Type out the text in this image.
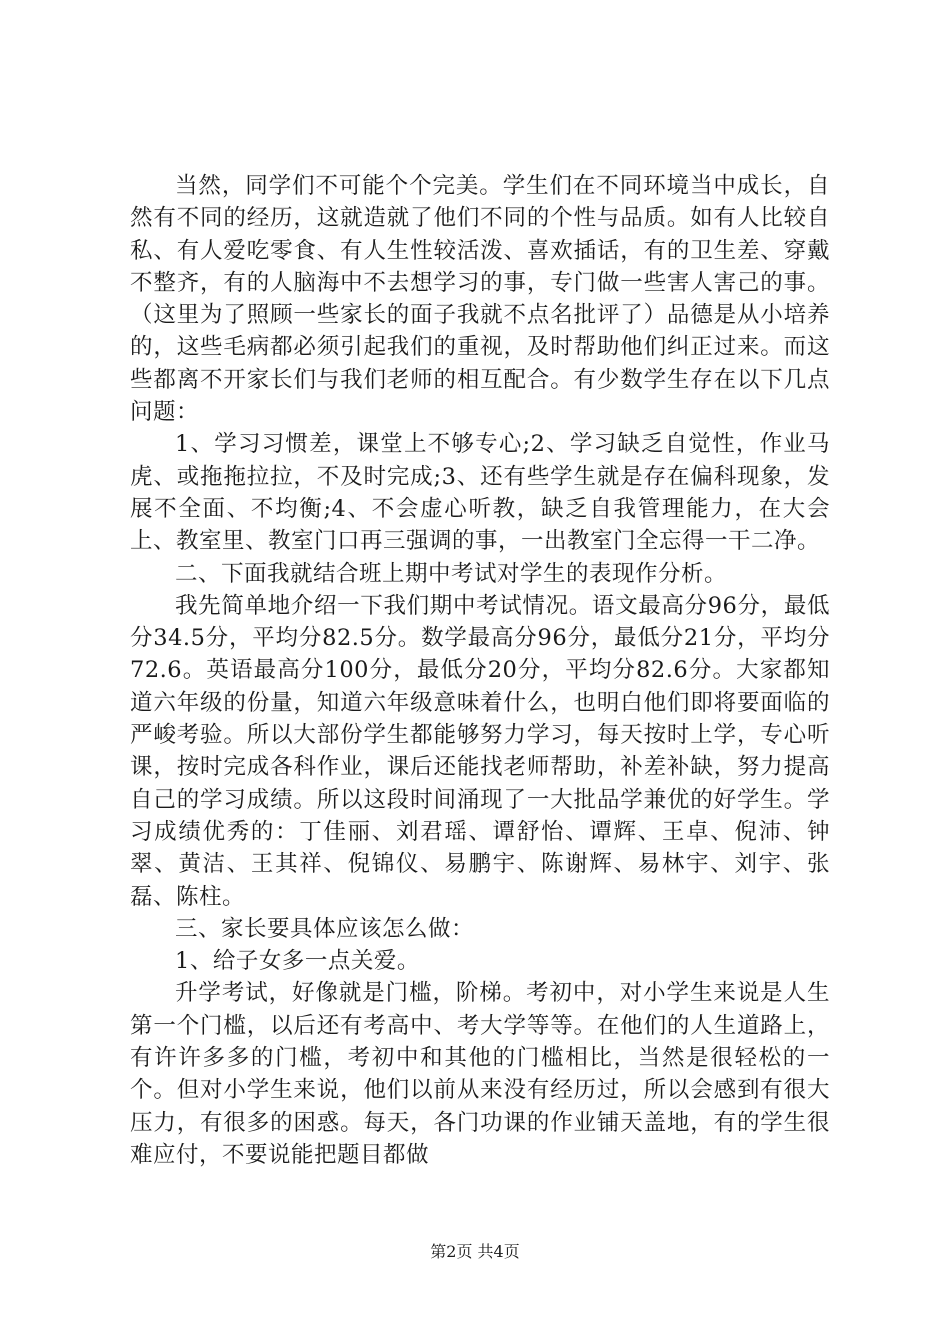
当然，同学们不可能个个完美。学生们在不同环境当中成长，自然有不同的经历，这就造就了他们不同的个性与品质。如有人比较自私、有人爱吃零食、有人生性较活泼、喜欢插话，有的卫生差、穿戴不整齐，有的人脑海中不去想学习的事，专门做一些害人害己的事。（这里为了照顾一些家长的面子我就不点名批评了）品德是从小培养的，这些毛病都必须引起我们的重视，及时帮助他们纠正过来。而这些都离不开家长们与我们老师的相互配合。有少数学生存在以下几点问题：

1、学习习惯差，课堂上不够专心;2、学习缺乏自觉性，作业马虎、或拖拖拉拉，不及时完成;3、还有些学生就是存在偏科现象，发展不全面、不均衡;4、不会虚心听教，缺乏自我管理能力，在大会上、教室里、教室门口再三强调的事，一出教室门全忘得一干二净。

二、下面我就结合班上期中考试对学生的表现作分析。

我先简单地介绍一下我们期中考试情况。语文最高分96分，最低分34.5分，平均分82.5分。数学最高分96分，最低分21分，平均分72.6。英语最高分100分，最低分20分，平均分82.6分。大家都知道六年级的份量，知道六年级意味着什么，也明白他们即将要面临的严峻考验。所以大部份学生都能够努力学习，每天按时上学，专心听课，按时完成各科作业，课后还能找老师帮助，补差补缺，努力提高自己的学习成绩。所以这段时间涌现了一大批品学兼优的好学生。学习成绩优秀的：丁佳丽、刘君瑶、谭舒怡、谭辉、王卓、倪沛、钟翠、黄洁、王其祥、倪锦仪、易鹏宇、陈谢辉、易林宇、刘宇、张磊、陈柱。

三、家长要具体应该怎么做：

1、给子女多一点关爱。

升学考试，好像就是门槛，阶梯。考初中，对小学生来说是人生第一个门槛，以后还有考高中、考大学等等。在他们的人生道路上，有许许多多的门槛，考初中和其他的门槛相比，当然是很轻松的一个。但对小学生来说，他们以前从来没有经历过，所以会感到有很大压力，有很多的困惑。每天，各门功课的作业铺天盖地，有的学生很难应付，不要说能把题目都做

第2页 共4页
